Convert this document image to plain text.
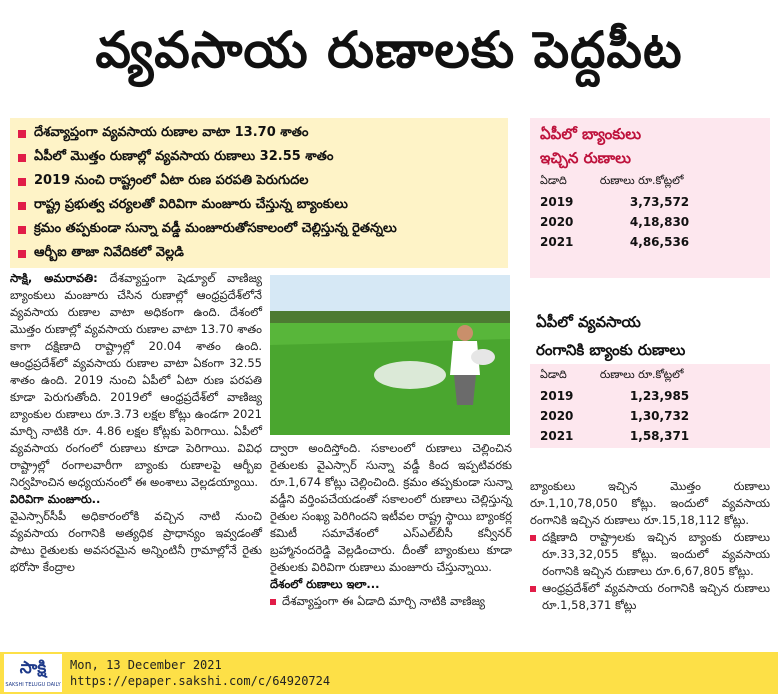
వ్యవసాయ రుణాలకు పెద్దపీట
దేశవ్యాప్తంగా వ్యవసాయ రుణాల వాటా 13.70 శాతం
ఏపీలో మొత్తం రుణాల్లో వ్యవసాయ రుణాలు 32.55 శాతం
2019 నుంచి రాష్ట్రంలో ఏటా రుణ పరపతి పెరుగుదల
రాష్ట్ర ప్రభుత్వ చర్యలతో విరివిగా మంజూరు చేస్తున్న బ్యాంకులు
క్రమం తప్పకుండా సున్నా వడ్డీ మంజూరుతోసకాలంలో చెల్లిస్తున్న రైతన్నలు
ఆర్బీఐ తాజా నివేదికలో వెల్లడి
ఏపీలో బ్యాంకులు
ఇచ్చిన రుణాలు
ఏడాది	రుణాలు రూ.కోట్లలో
2019	3,73,572
2020	4,18,830
2021	4,86,536
ఏపీలో వ్యవసాయ
రంగానికి బ్యాంకు రుణాలు
ఏడాది	రుణాలు రూ.కోట్లలో
2019	1,23,985
2020	1,30,732
2021	1,58,371

సాక్షి, అమరావతి: దేశవ్యాప్తంగా షెడ్యూల్ వాణిజ్య బ్యాంకులు మంజూరు చేసిన రుణాల్లో ఆంధ్రప్రదేశ్‌లోనే వ్యవసాయ రుణాల వాటా అధికంగా ఉంది. దేశంలో మొత్తం రుణాల్లో వ్యవసాయ రుణాల వాటా 13.70 శాతం కాగా దక్షిణాది రాష్ట్రాల్లో 20.04 శాతం ఉంది. ఆంధ్రప్రదేశ్‌లో వ్యవసాయ రుణాల వాటా ఏకంగా 32.55 శాతం ఉంది. 2019 నుంచి ఏపీలో ఏటా రుణ పరపతి కూడా పెరుగుతోంది. 2019లో ఆంధ్రప్రదేశ్‌లో వాణిజ్య బ్యాంకుల రుణాలు రూ.3.73 లక్షల కోట్లు ఉండగా 2021 మార్చి నాటికి రూ. 4.86 లక్షల కోట్లకు పెరిగాయి. ఏపీలో వ్యవసాయ రంగంలో రుణాలు కూడా పెరిగాయి. వివిధ రాష్ట్రాల్లో రంగాలవారీగా బ్యాంకు రుణాలపై ఆర్బీఐ నిర్వహించిన అధ్యయనంలో ఈ అంశాలు వెల్లడయ్యాయి.

విరివిగా మంజూరు..

వైఎస్సార్‌సీపీ అధికారంలోకి వచ్చిన నాటి నుంచి వ్యవసాయ రంగానికి అత్యధిక ప్రాధాన్యం ఇవ్వడంతో పాటు రైతులకు అవసరమైన అన్నింటినీ గ్రామాల్లోనే రైతు భరోసా కేంద్రాల

ద్వారా అందిస్తోంది. సకాలంలో రుణాలు చెల్లించిన రైతులకు వైఎస్సార్ సున్నా వడ్డీ కింద ఇప్పటివరకు రూ.1,674 కోట్లు చెల్లించింది. క్రమం తప్పకుండా సున్నా వడ్డీని వర్తింపచేయడంతో సకాలంలో రుణాలు చెల్లిస్తున్న రైతుల సంఖ్య పెరిగిందని ఇటీవల రాష్ట్ర స్థాయి బ్యాంకర్ల కమిటీ సమావేశంలో ఎస్‌ఎల్‌బీసీ కన్వీనర్ బ్రహ్మానందరెడ్డి వెల్లడించారు. దీంతో బ్యాంకులు కూడా రైతులకు విరివిగా రుణాలు మంజూరు చేస్తున్నాయి.

దేశంలో రుణాలు ఇలా...

దేశవ్యాప్తంగా ఈ ఏడాది మార్చి నాటికి వాణిజ్య

బ్యాంకులు ఇచ్చిన మొత్తం రుణాలు రూ.1,10,78,050 కోట్లు. ఇందులో వ్యవసాయ రంగానికి ఇచ్చిన రుణాలు రూ.15,18,112 కోట్లు.

దక్షిణాది రాష్ట్రాలకు ఇచ్చిన బ్యాంకు రుణాలు రూ.33,32,055 కోట్లు. ఇందులో వ్యవసాయ రంగానికి ఇచ్చిన రుణాలు రూ.6,67,805 కోట్లు.
ఆంధ్రప్రదేశ్‌లో వ్యవసాయ రంగానికి ఇచ్చిన రుణాలు రూ.1,58,371 కోట్లు
సాక్షి
SAKSHI TELUGU DAILY
Mon, 13 December 2021
https://epaper.sakshi.com/c/64920724
